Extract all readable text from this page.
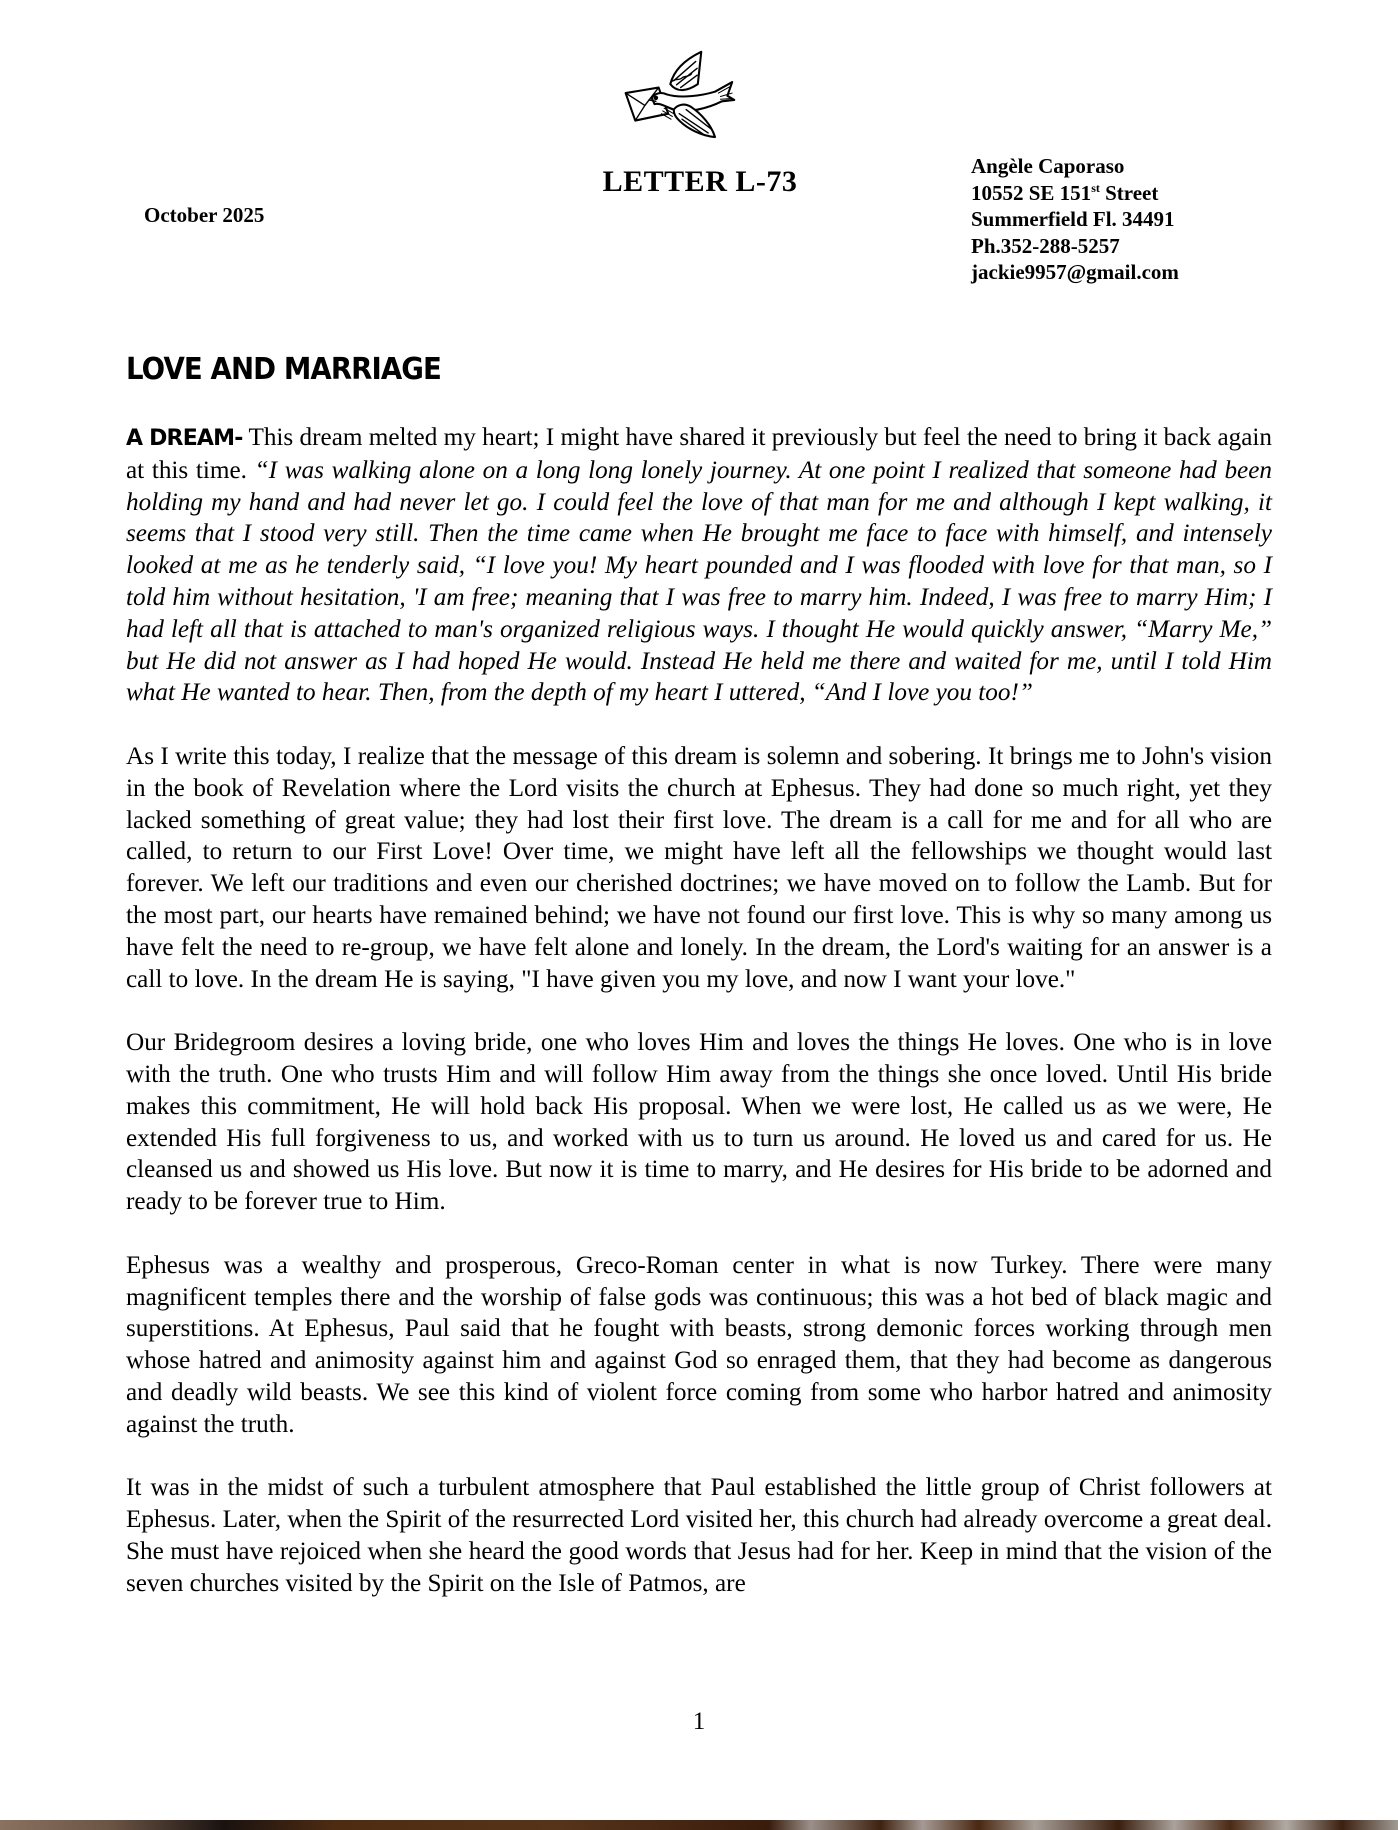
LETTER L-73
October 2025
Angèle Caporaso
10552 SE 151st Street
Summerfield Fl. 34491
Ph.352-288-5257
jackie9957@gmail.com
LOVE AND MARRIAGE

A DREAM- This dream melted my heart; I might have shared it previously but feel the need to bring it back again at this time. “I was walking alone on a long long lonely journey. At one point I realized that someone had been holding my hand and had never let go. I could feel the love of that man for me and although I kept walking, it seems that I stood very still. Then the time came when He brought me face to face with himself, and intensely looked at me as he tenderly said, “I love you! My heart pounded and I was flooded with love for that man, so I told him without hesitation, 'I am free; meaning that I was free to marry him. Indeed, I was free to marry Him; I had left all that is attached to man's organized religious ways. I thought He would quickly answer, “Marry Me,” but He did not answer as I had hoped He would. Instead He held me there and waited for me, until I told Him what He wanted to hear. Then, from the depth of my heart I uttered, “And I love you too!”

As I write this today, I realize that the message of this dream is solemn and sobering. It brings me to John's vision in the book of Revelation where the Lord visits the church at Ephesus. They had done so much right, yet they lacked something of great value; they had lost their first love. The dream is a call for me and for all who are called, to return to our First Love! Over time, we might have left all the fellowships we thought would last forever. We left our traditions and even our cherished doctrines; we have moved on to follow the Lamb. But for the most part, our hearts have remained behind; we have not found our first love. This is why so many among us have felt the need to re-group, we have felt alone and lonely. In the dream, the Lord's waiting for an answer is a call to love. In the dream He is saying, "I have given you my love, and now I want your love."

Our Bridegroom desires a loving bride, one who loves Him and loves the things He loves. One who is in love with the truth. One who trusts Him and will follow Him away from the things she once loved. Until His bride makes this commitment, He will hold back His proposal. When we were lost, He called us as we were, He extended His full forgiveness to us, and worked with us to turn us around. He loved us and cared for us. He cleansed us and showed us His love. But now it is time to marry, and He desires for His bride to be adorned and ready to be forever true to Him.

Ephesus was a wealthy and prosperous, Greco-Roman center in what is now Turkey. There were many magnificent temples there and the worship of false gods was continuous; this was a hot bed of black magic and superstitions. At Ephesus, Paul said that he fought with beasts, strong demonic forces working through men whose hatred and animosity against him and against God so enraged them, that they had become as dangerous and deadly wild beasts. We see this kind of violent force coming from some who harbor hatred and animosity against the truth.

It was in the midst of such a turbulent atmosphere that Paul established the little group of Christ followers at Ephesus. Later, when the Spirit of the resurrected Lord visited her, this church had already overcome a great deal. She must have rejoiced when she heard the good words that Jesus had for her. Keep in mind that the vision of the seven churches visited by the Spirit on the Isle of Patmos, are

1
